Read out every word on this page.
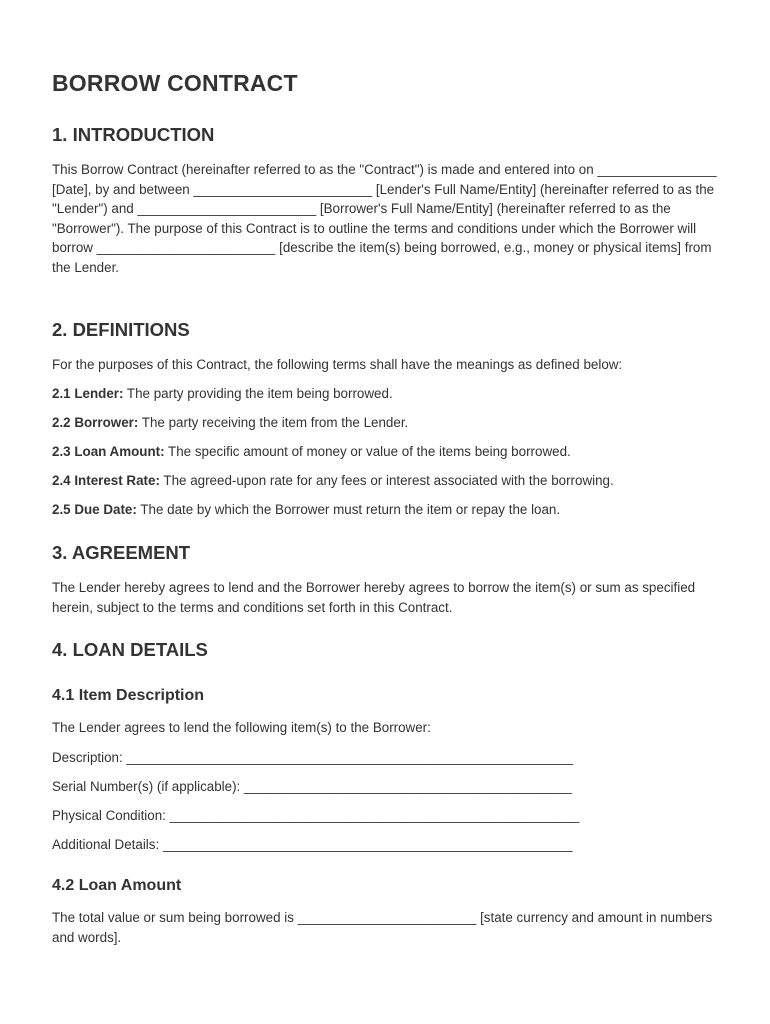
BORROW CONTRACT
1. INTRODUCTION

This Borrow Contract (hereinafter referred to as the "Contract") is made and entered into on ________________ [Date], by and between ________________________ [Lender's Full Name/Entity] (hereinafter referred to as the "Lender") and ________________________ [Borrower's Full Name/Entity] (hereinafter referred to as the "Borrower"). The purpose of this Contract is to outline the terms and conditions under which the Borrower will borrow ________________________ [describe the item(s) being borrowed, e.g., money or physical items] from the Lender.

2. DEFINITIONS

For the purposes of this Contract, the following terms shall have the meanings as defined below:

2.1 Lender: The party providing the item being borrowed.

2.2 Borrower: The party receiving the item from the Lender.

2.3 Loan Amount: The specific amount of money or value of the items being borrowed.

2.4 Interest Rate: The agreed-upon rate for any fees or interest associated with the borrowing.

2.5 Due Date: The date by which the Borrower must return the item or repay the loan.

3. AGREEMENT

The Lender hereby agrees to lend and the Borrower hereby agrees to borrow the item(s) or sum as specified herein, subject to the terms and conditions set forth in this Contract.

4. LOAN DETAILS
4.1 Item Description

The Lender agrees to lend the following item(s) to the Borrower:

Description: ____________________________________________________________

Serial Number(s) (if applicable): ____________________________________________

Physical Condition: _______________________________________________________

Additional Details: _______________________________________________________

4.2 Loan Amount

The total value or sum being borrowed is ________________________ [state currency and amount in numbers and words].
